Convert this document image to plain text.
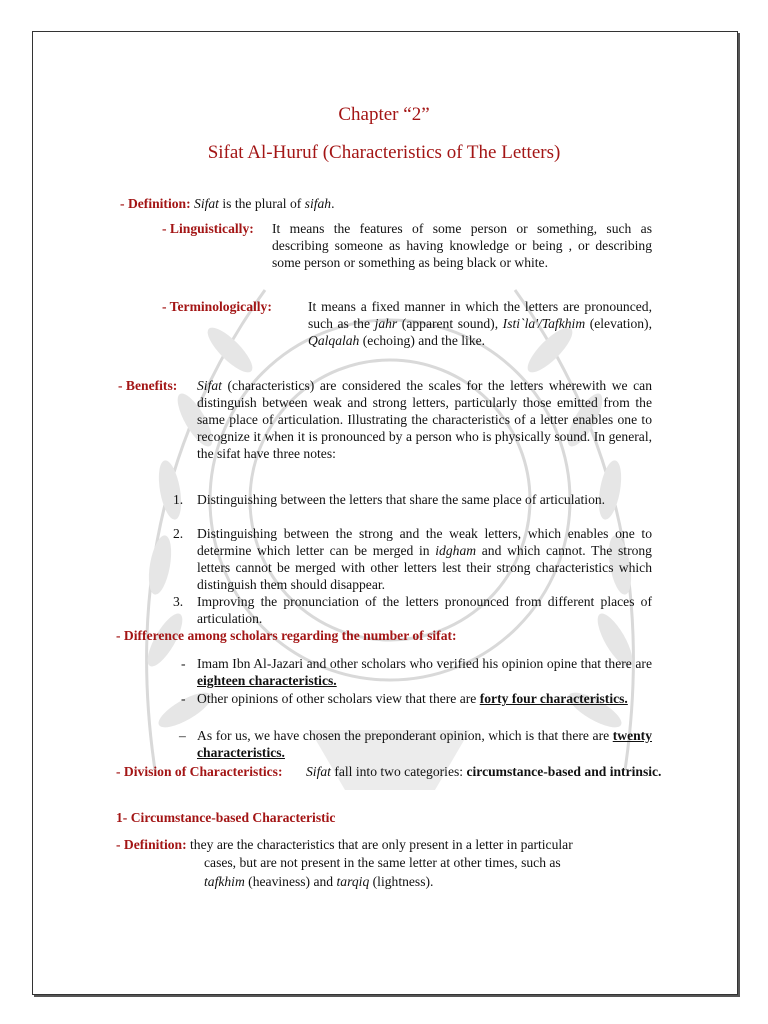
Chapter “2”
Sifat Al-Huruf (Characteristics of The Letters)
- Definition: Sifat is the plural of sifah.
- Linguistically:	It means the features of some person or something, such as describing someone as having knowledge or being , or describing some person or something as being black or white.
- Terminologically:	It means a fixed manner in which the letters are pronounced, such as the jahr (apparent sound), Isti`la'/Tafkhim (elevation), Qalqalah (echoing) and the like.
- Benefits:	Sifat (characteristics) are considered the scales for the letters wherewith we can distinguish between weak and strong letters, particularly those emitted from the same place of articulation. Illustrating the characteristics of a letter enables one to recognize it when it is pronounced by a person who is physically sound. In general, the sifat have three notes:
1. Distinguishing between the letters that share the same place of articulation.
2. Distinguishing between the strong and the weak letters, which enables one to determine which letter can be merged in idgham and which cannot. The strong letters cannot be merged with other letters lest their strong characteristics which distinguish them should disappear.
3. Improving the pronunciation of the letters pronounced from different places of articulation.
- Difference among scholars regarding the number of sifat:
- Imam Ibn Al-Jazari and other scholars who verified his opinion opine that there are eighteen characteristics.
- Other opinions of other scholars view that there are forty four characteristics.
– As for us, we have chosen the preponderant opinion, which is that there are twenty characteristics.
- Division of Characteristics:	Sifat fall into two categories: circumstance-based and intrinsic.
1- Circumstance-based Characteristic
- Definition: they are the characteristics that are only present in a letter in particular
cases, but are not present in the same letter at other times, such as
tafkhim (heaviness) and tarqiq (lightness).
